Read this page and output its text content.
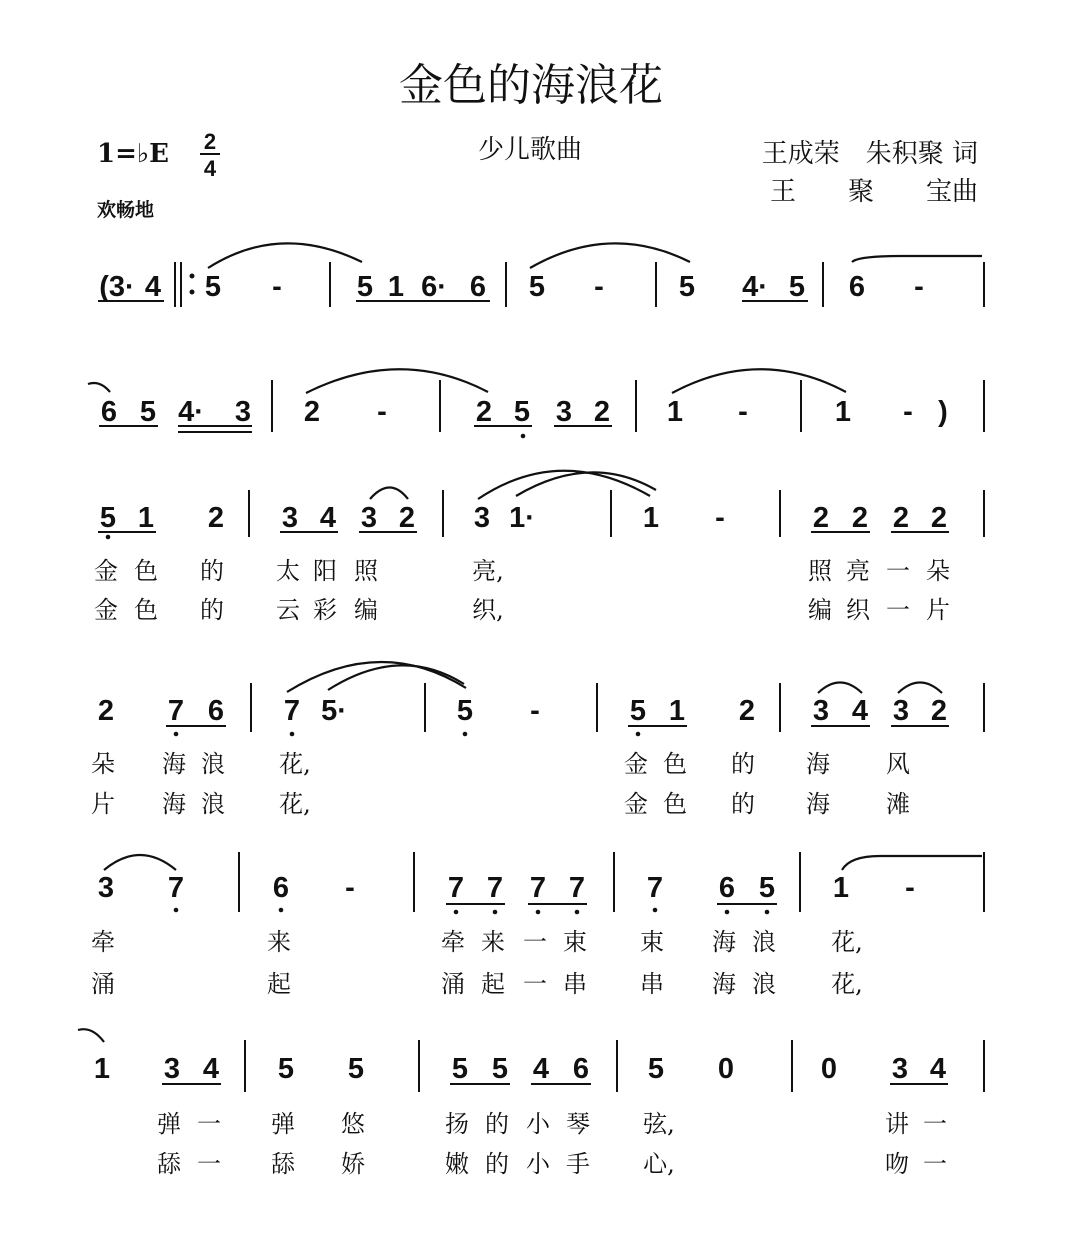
金色的海浪花
1=♭E 2
4
少儿歌曲	王成荣　朱积聚 词
王　　聚　　宝曲
欢畅地
(3· 4 5 -	5 1 6· 6 5 -	5 4· 5 6 -
6 5 4· 3 2 -	2 5 3 2 1 -	1 - )
5 1 2 3 4 3 2 3 1·	1 -	2 2 2 2
2 7 6 7 5·	5 -	5 1 2 3 4 3 2
3 7	6 -	7 7 7 7 7 6 5 1 -
1 3 4 5 5	5 5 4 6 5 0	0 3 4
金 色 的 太 阳 照	亮,	照 亮 一 朵
金 色 的 云 彩 编	织,	编 织 一 片
朵 海 浪 花,	金 色 的 海 风
片 海 浪 花,	金 色 的 海 滩
牵	来	牵 来 一 束 束 海 浪 花,
涌	起	涌 起 一 串 串 海 浪 花,
弹 一 弹 悠	扬 的 小 琴 弦,	讲 一
舔 一 舔 娇	嫩 的 小 手 心,	吻 一
